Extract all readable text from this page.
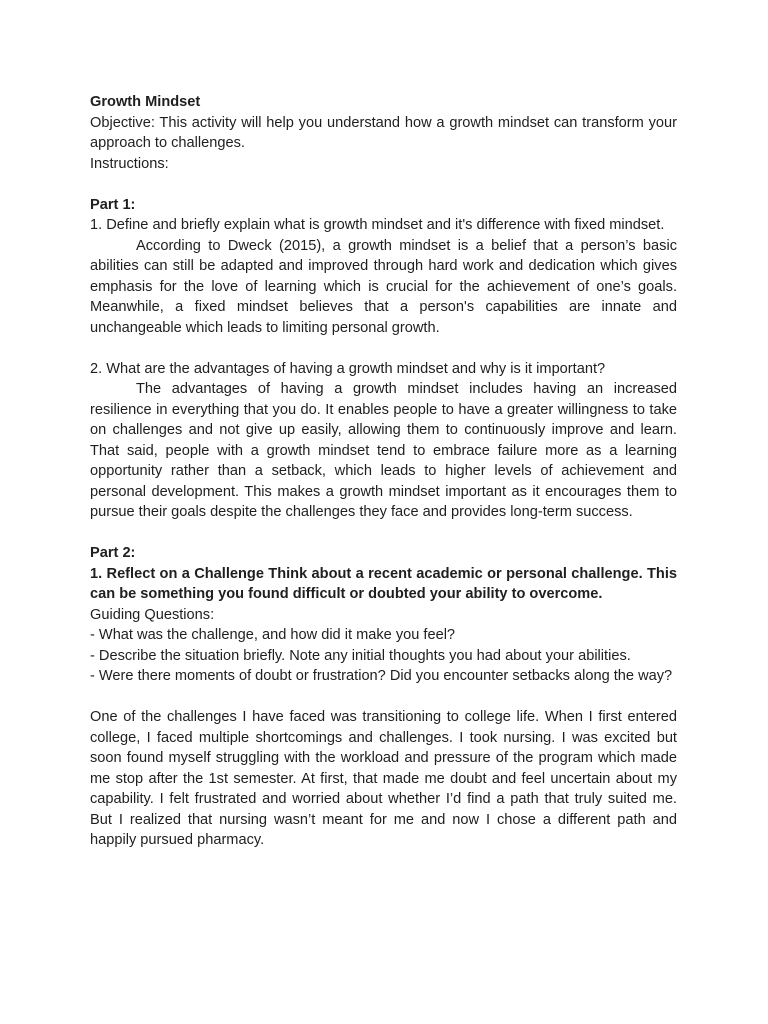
Growth Mindset

Objective: This activity will help you understand how a growth mindset can transform your approach to challenges.

Instructions:

Part 1:

1. Define and briefly explain what is growth mindset and it's difference with fixed mindset.

According to Dweck (2015), a growth mindset is a belief that a person’s basic abilities can still be adapted and improved through hard work and dedication which gives emphasis for the love of learning which is crucial for the achievement of one’s goals. Meanwhile, a fixed mindset believes that a person's capabilities are innate and unchangeable which leads to limiting personal growth.

2. What are the advantages of having a growth mindset and why is it important?

The advantages of having a growth mindset includes having an increased resilience in everything that you do. It enables people to have a greater willingness to take on challenges and not give up easily, allowing them to continuously improve and learn. That said, people with a growth mindset tend to embrace failure more as a learning opportunity rather than a setback, which leads to higher levels of achievement and personal development. This makes a growth mindset important as it encourages them to pursue their goals despite the challenges they face and provides long-term success.

Part 2:

1. Reflect on a Challenge Think about a recent academic or personal challenge. This can be something you found difficult or doubted your ability to overcome.

Guiding Questions:

- What was the challenge, and how did it make you feel?

- Describe the situation briefly. Note any initial thoughts you had about your abilities.

- Were there moments of doubt or frustration? Did you encounter setbacks along the way?

One of the challenges I have faced was transitioning to college life. When I first entered college, I faced multiple shortcomings and challenges. I took nursing. I was excited but soon found myself struggling with the workload and pressure of the program which made me stop after the 1st semester. At first, that made me doubt and feel uncertain about my capability. I felt frustrated and worried about whether I’d find a path that truly suited me. But I realized that nursing wasn’t meant for me and now I chose a different path and happily pursued pharmacy.
